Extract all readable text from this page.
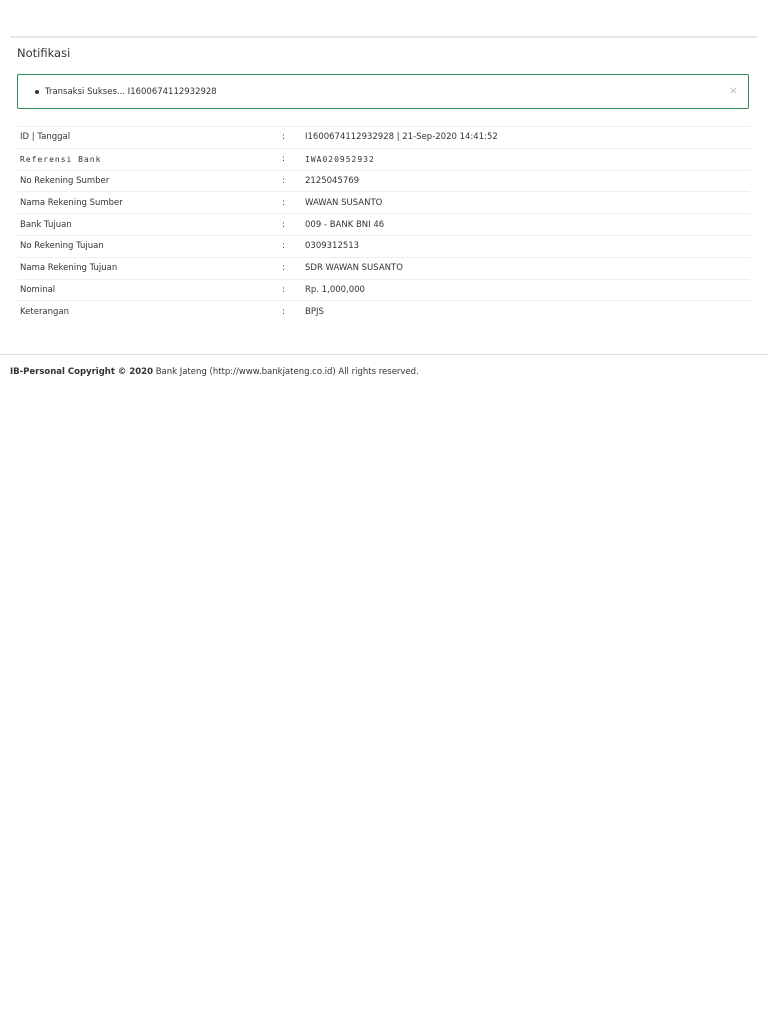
Notifikasi
Transaksi Sukses... I1600674112932928	×
ID | Tanggal	:	I1600674112932928 | 21-Sep-2020 14:41:52
Referensi Bank	:	IWA020952932
No Rekening Sumber	:	2125045769
Nama Rekening Sumber	:	WAWAN SUSANTO
Bank Tujuan	:	009 - BANK BNI 46
No Rekening Tujuan	:	0309312513
Nama Rekening Tujuan	:	SDR WAWAN SUSANTO
Nominal	:	Rp. 1,000,000
Keterangan	:	BPJS
IB-Personal Copyright © 2020 Bank Jateng (http://www.bankjateng.co.id) All rights reserved.
